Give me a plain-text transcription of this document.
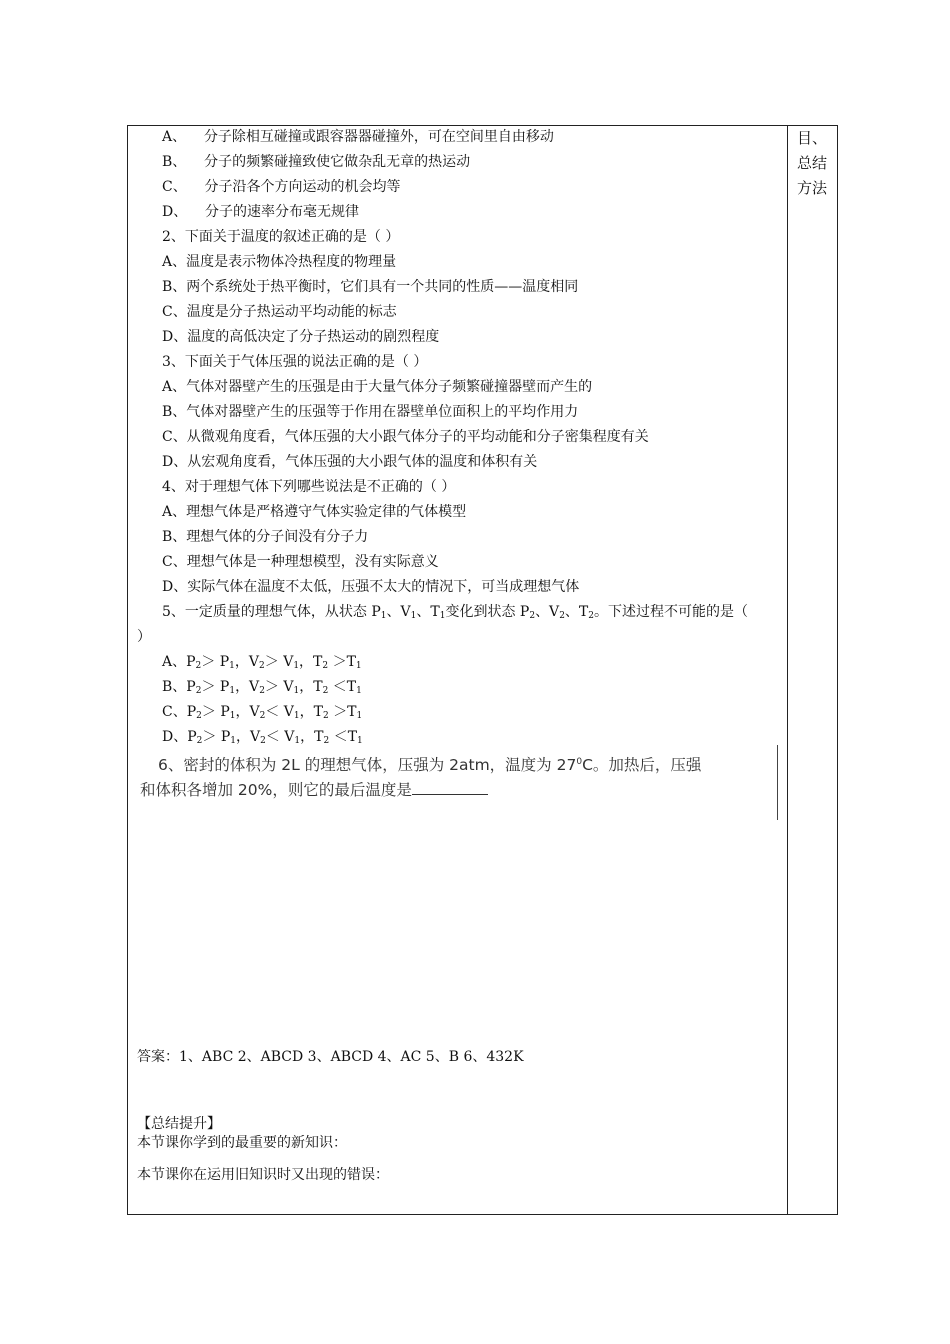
目、
总结
方法
A、 分子除相互碰撞或跟容器器碰撞外，可在空间里自由移动
B、 分子的频繁碰撞致使它做杂乱无章的热运动
C、 分子沿各个方向运动的机会均等
D、 分子的速率分布毫无规律
2、下面关于温度的叙述正确的是（ ）
A、温度是表示物体冷热程度的物理量
B、两个系统处于热平衡时，它们具有一个共同的性质——温度相同
C、温度是分子热运动平均动能的标志
D、温度的高低决定了分子热运动的剧烈程度
3、下面关于气体压强的说法正确的是（ ）
A、气体对器壁产生的压强是由于大量气体分子频繁碰撞器壁而产生的
B、气体对器壁产生的压强等于作用在器壁单位面积上的平均作用力
C、从微观角度看，气体压强的大小跟气体分子的平均动能和分子密集程度有关
D、从宏观角度看，气体压强的大小跟气体的温度和体积有关
4、对于理想气体下列哪些说法是不正确的（ ）
A、理想气体是严格遵守气体实验定律的气体模型
B、理想气体的分子间没有分子力
C、理想气体是一种理想模型，没有实际意义
D、实际气体在温度不太低，压强不太大的情况下，可当成理想气体
5、一定质量的理想气体，从状态 $P_1$、$V_1$、$T_1$变化到状态 $P_2$、$V_2$、$T_2$。下述过程不可能的是（
）
A、$P_2> P_1$，$V_2> V_1$，$T_2 >T_1$
B、$P_2> P_1$，$V_2> V_1$，$T_2 <T_1$
C、$P_2> P_1$，$V_2< V_1$，$T_2 >T_1$
D、$P_2> P_1$，$V_2< V_1$，$T_2 <T_1$
6、密封的体积为 2L 的理想气体，压强为 2atm，温度为 $27^0C$。加热后，压强
和体积各增加 20%，则它的最后温度是
答案：1、ABC 2、ABCD 3、ABCD 4、AC 5、B 6、432K
【总结提升】
本节课你学到的最重要的新知识：
本节课你在运用旧知识时又出现的错误：
